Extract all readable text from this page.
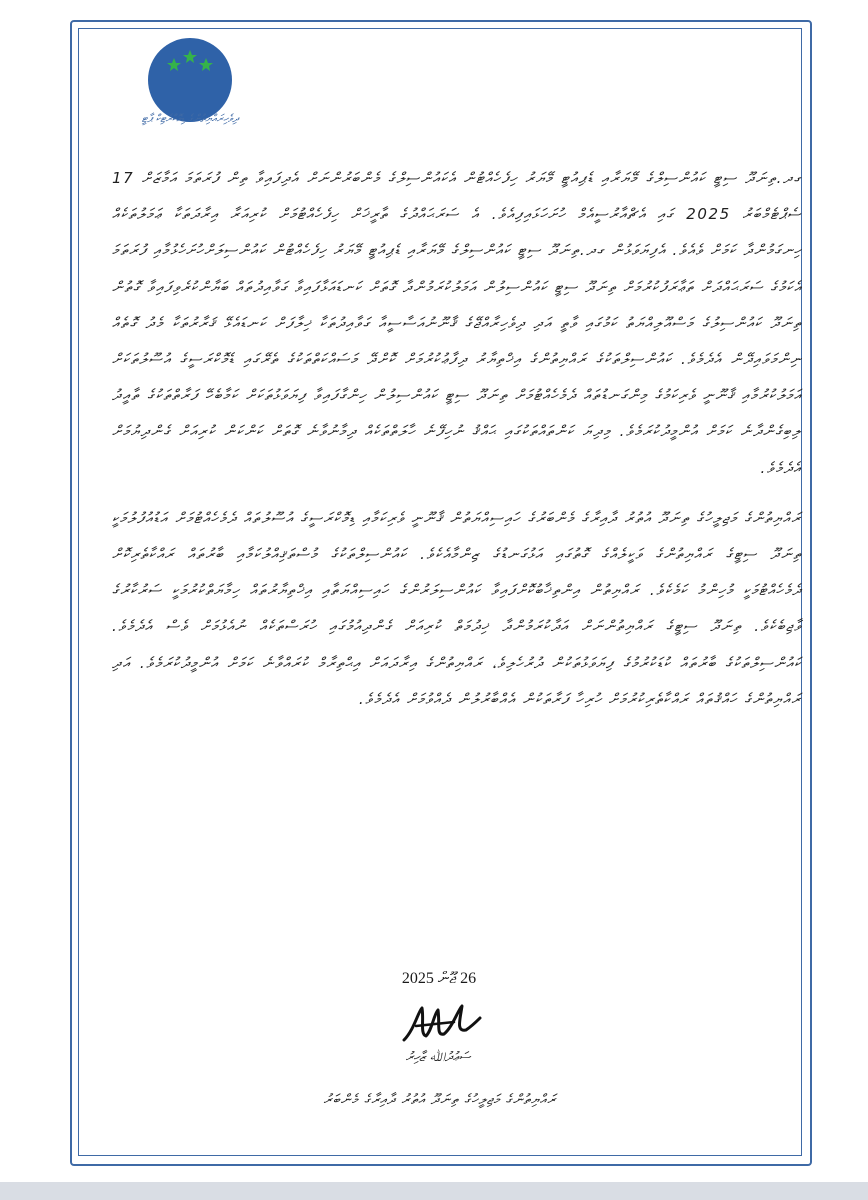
ދިވެހިރައްޔިތުންގެ ޑިމޮކްރެޓިކް ޕާޓީ

ގދ.ތިނަދޫ ސިޓީ ކައުންސިލްގެ މޭޔަރާއި ޑެޕިއުޓީ މޭޔަރު ހިފެހެއްޓުން އެކައުންސިލްގެ މެންބަރުންނަށް އެދިފައިވާ ތިން ފުރަތަމަ އަމާޒަށް 17 ސެޕްޓެމްބަރު 2025 ގައި އެޗްއާރުސީއެމް ހުށަހަޅައިފިއެވެ. އެ ސަރަޙައްދުގެ ތާރީޚަށް ހިފެހެއްޓުމަށް ކުރިއަރާ އިރާދަތަކާ ޢަމަލުތަކެއް ހިނގަމުންދާ ކަމަށް ވެއެވެ. އެފިޔަވަޅުން ގދ.ތިނަދޫ ސިޓީ ކައުންސިލްގެ މޭޔަރާއި ޑެޕިއުޓީ މޭޔަރު ހިފެހެއްޓުން ކައުންސިލަށްހުށަހެޅުމާއި ފުރަތަމަ އެކަމުގެ ސަރަޙައްދަށް ތަޢާރަފުކުރުމަށް ތިނަދޫ ސިޓީ ކައުންސިލުން އަމަލުކުރަމުންދާ ގޮތަށް ކަނޑައަޅާފައިވާ ގަވާއިދުތައް ބަޔާންކުރެވިފައިވާ ގޮތުން ތިނަދޫ ކައުންސިލުގެ މަސްއޫލިއްޔަތު ކަމުގައި ވާތީ އަދި ދިވެހިރާއްޖޭގެ ޤާނޫނުއަސާސީއާ ގަވާއިދުތަކާ ޚިލާފަށް ކަނޑައެޅޭ ޤަރާރުތަކާ މެދު ގޮތެއް ނިންމަވައިދޭން އެދެމެވެ. ކައުންސިލްތަކުގެ ރައްޔިތުންގެ އިޚްތިޔާރު ދިފާޢުކުރުމަށް ކޮށްދޭ މަސައްކަތްތަކުގެ ތެރޭގައި ޑެމޮކްރަސީގެ އުސޫލުތަކަށް އަމަލުކުރުމާއި ޤާނޫނީ ވެރިކަމުގެ މިންގަނޑުތައް ދެމެހެއްޓުމަށް ތިނަދޫ ސިޓީ ކައުންސިލުން ހިންގާފައިވާ ފިޔަވަޅުތަކަށް ކަމާބެހޭ ފަރާތްތަކުގެ ތާއީދު ލިބިގެންދާނެ ކަމަށް އުންމީދުކުރަމެވެ. މިދިޔަ ކަންތައްތަކުގައި ޙައްޤު ނުހިފޭނެ ހާލަތްތަކެއް ދިމާނުވާނެ ގޮތަށް ކަންކަން ކުރިއަށް ގެންދިޔުމަށް އެދެމެވެ.

ރައްޔިތުންގެ މަޖިލީހުގެ ތިނަދޫ އުތުރު ދާއިރާގެ މެންބަރުގެ ހައިސިއްޔަތުން ޤާނޫނީ ވެރިކަމާއި ޑިމޮކްރަސީގެ އުސޫލުތައް ދެމެހެއްޓުމަށް އަޑުއުފުލުމަކީ ތިނަދޫ ސިޓީގެ ރައްޔިތުންގެ ވަކީލެއްގެ ގޮތުގައި އަޅުގަނޑުގެ ޒިންމާއެކެވެ. ކައުންސިލްތަކުގެ މުސްތަޤިއްލުކަމާއި ބާރުތައް ރައްކާތެރިކޮށް ދެމެހެއްޓުމަކީ މުހިންމު ކަމެކެވެ. ރައްޔިތުން އިންތިޚާބުކޮށްފައިވާ ކައުންސިލަރުންގެ ހައިސިއްޔަތާއި އިޚްތިޔާރުތައް ހިމާޔަތްކުރުމަކީ ސަރުކާރުގެ ވާޖިބެކެވެ. ތިނަދޫ ސިޓީގެ ރައްޔިތުންނަށް އަދާކުރަމުންދާ ޚިދުމަތް ކުރިއަށް ގެންދިއުމުގައި ހުރަސްތަކެއް ނުއެޅުމަށް ވެސް އެދެމެވެ. ކައުންސިލްތަކުގެ ބާރުތައް ކުޑަކުރުމުގެ ފިޔަވަޅުތަކުން ދުރުހެލިވެ، ރައްޔިތުންގެ އިރާދައަށް އިޙްތިރާމް ކުރައްވާނެ ކަމަށް އުންމީދުކުރަމެވެ. އަދި ރައްޔިތުންގެ ހައްޤުތައް ރައްކާތެރިކުރުމަށް ހުރިހާ ފަރާތަކުން އެއްބާރުލުން ދެއްވުމަށް އެދެމެވެ.

26 ޖޫން 2025
ސަޢުދުﷲ ޒާހިރު
ރައްޔިތުންގެ މަޖިލީހުގެ ތިނަދޫ އުތުރު ދާއިރާގެ މެންބަރު
